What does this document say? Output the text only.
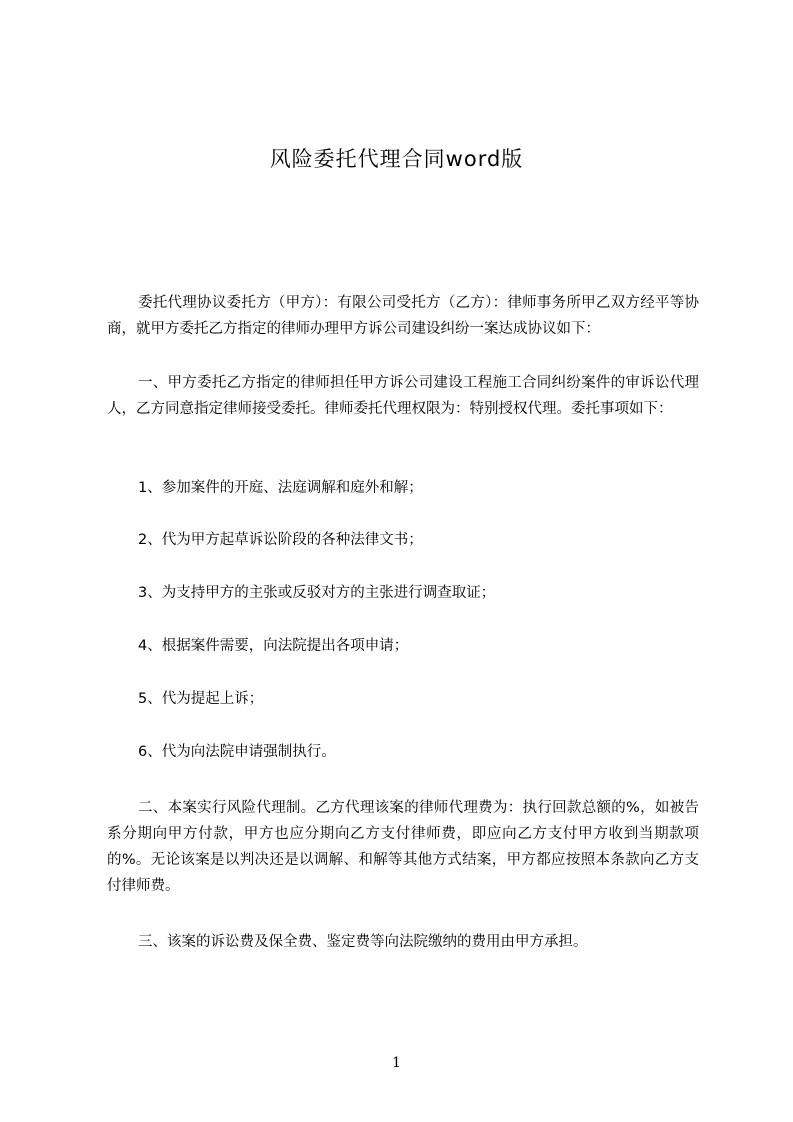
风险委托代理合同word版

委托代理协议委托方（甲方）：有限公司受托方（乙方）：律师事务所甲乙双方经平等协商，就甲方委托乙方指定的律师办理甲方诉公司建设纠纷一案达成协议如下：

一、甲方委托乙方指定的律师担任甲方诉公司建设工程施工合同纠纷案件的审诉讼代理人，乙方同意指定律师接受委托。律师委托代理权限为：特别授权代理。委托事项如下：

1、参加案件的开庭、法庭调解和庭外和解；

2、代为甲方起草诉讼阶段的各种法律文书；

3、为支持甲方的主张或反驳对方的主张进行调查取证；

4、根据案件需要，向法院提出各项申请；

5、代为提起上诉；

6、代为向法院申请强制执行。

二、本案实行风险代理制。乙方代理该案的律师代理费为：执行回款总额的%，如被告系分期向甲方付款，甲方也应分期向乙方支付律师费，即应向乙方支付甲方收到当期款项的%。无论该案是以判决还是以调解、和解等其他方式结案，甲方都应按照本条款向乙方支付律师费。

三、该案的诉讼费及保全费、鉴定费等向法院缴纳的费用由甲方承担。

1
